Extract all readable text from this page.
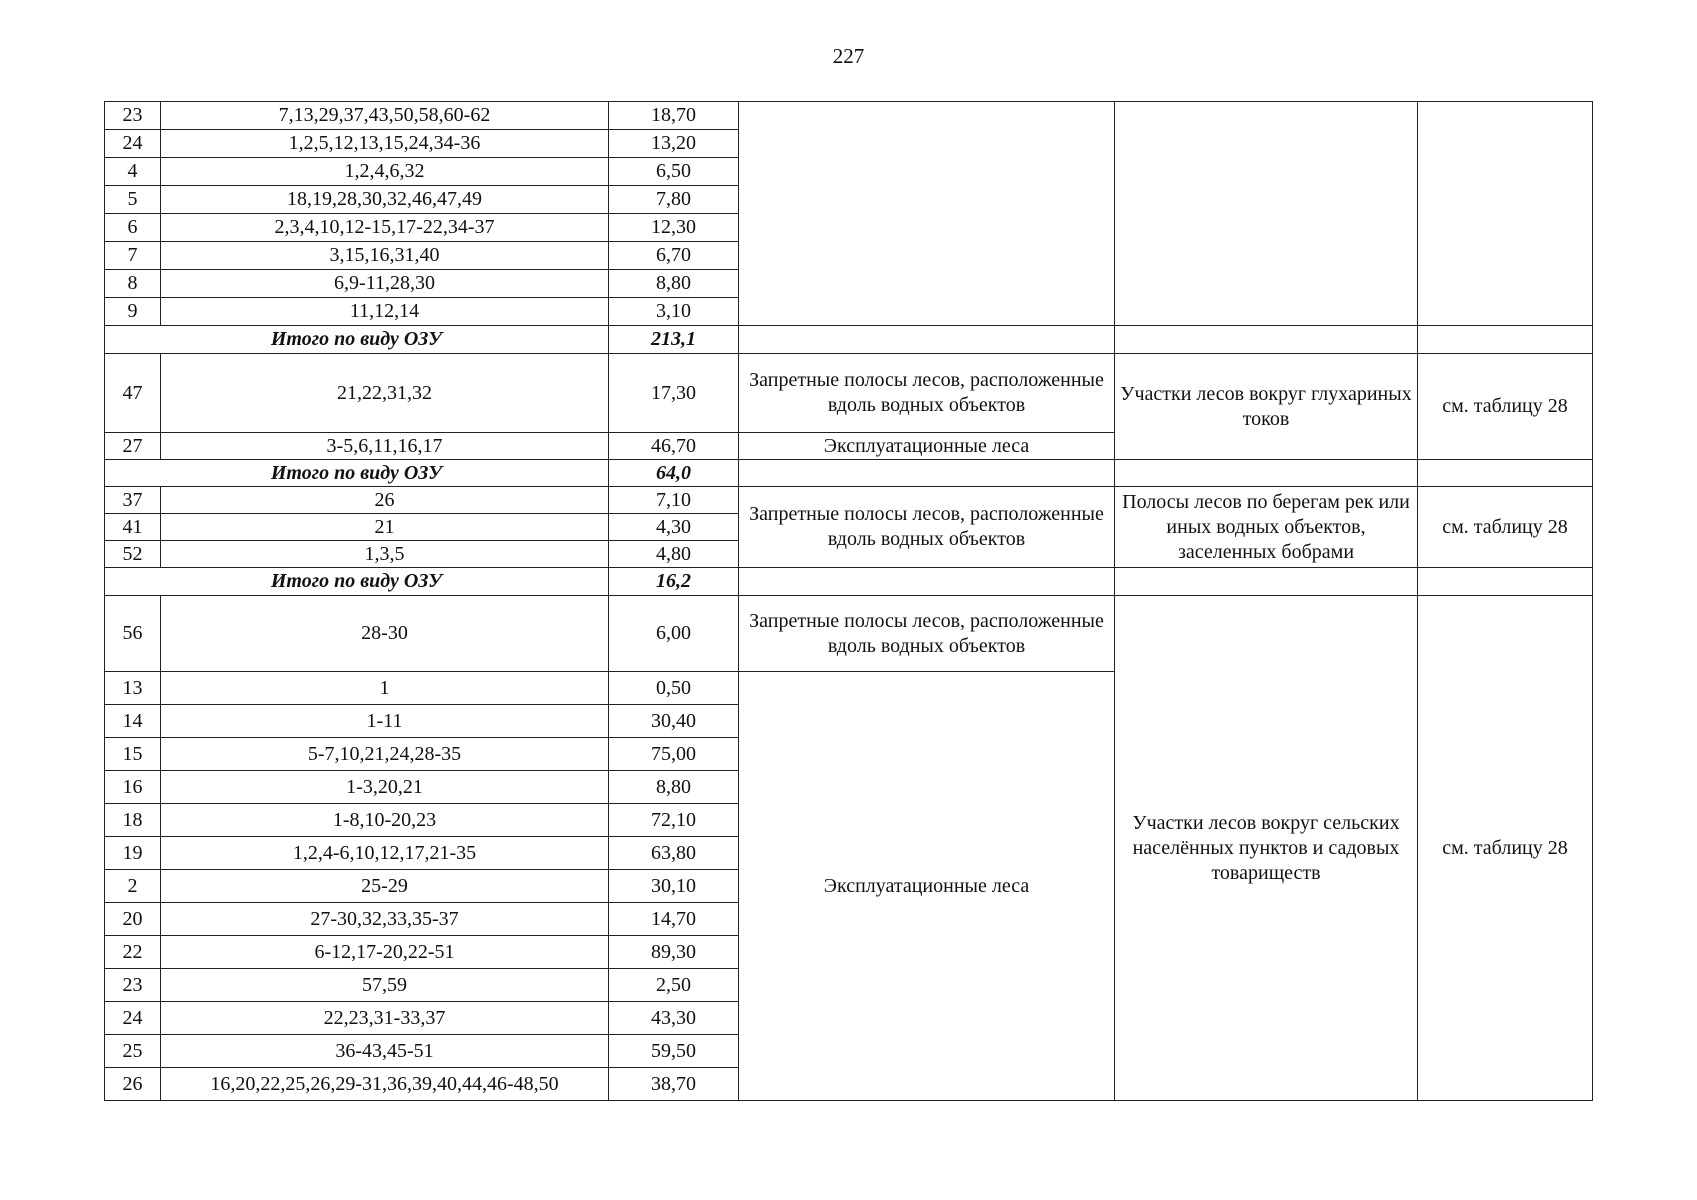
227
23	7,13,29,37,43,50,58,60-62	18,70			
24	1,2,5,12,13,15,24,34-36	13,20			
4	1,2,4,6,32	6,50			
5	18,19,28,30,32,46,47,49	7,80			
6	2,3,4,10,12-15,17-22,34-37	12,30			
7	3,15,16,31,40	6,70			
8	6,9-11,28,30	8,80			
9	11,12,14	3,10			
Итого по виду ОЗУ		213,1			
47	21,22,31,32	17,30	Запретные полосы лесов, расположенные вдоль водных объектов	Участки лесов вокруг глухариных токов	см. таблицу 28
27	3-5,6,11,16,17	46,70	Эксплуатационные леса		
Итого по виду ОЗУ		64,0			
37	26	7,10	Запретные полосы лесов, расположенные вдоль водных объектов	Полосы лесов по берегам рек или иных водных объектов, заселенных бобрами	см. таблицу 28
41	21	4,30			
52	1,3,5	4,80			
Итого по виду ОЗУ		16,2			
56	28-30	6,00	Запретные полосы лесов, расположенные вдоль водных объектов	Участки лесов вокруг сельских населённых пунктов и садовых товариществ	см. таблицу 28
13	1	0,50	Эксплуатационные леса		
14	1-11	30,40			
15	5-7,10,21,24,28-35	75,00			
16	1-3,20,21	8,80			
18	1-8,10-20,23	72,10			
19	1,2,4-6,10,12,17,21-35	63,80			
2	25-29	30,10			
20	27-30,32,33,35-37	14,70			
22	6-12,17-20,22-51	89,30			
23	57,59	2,50			
24	22,23,31-33,37	43,30			
25	36-43,45-51	59,50			
26	16,20,22,25,26,29-31,36,39,40,44,46-48,50	38,70			
